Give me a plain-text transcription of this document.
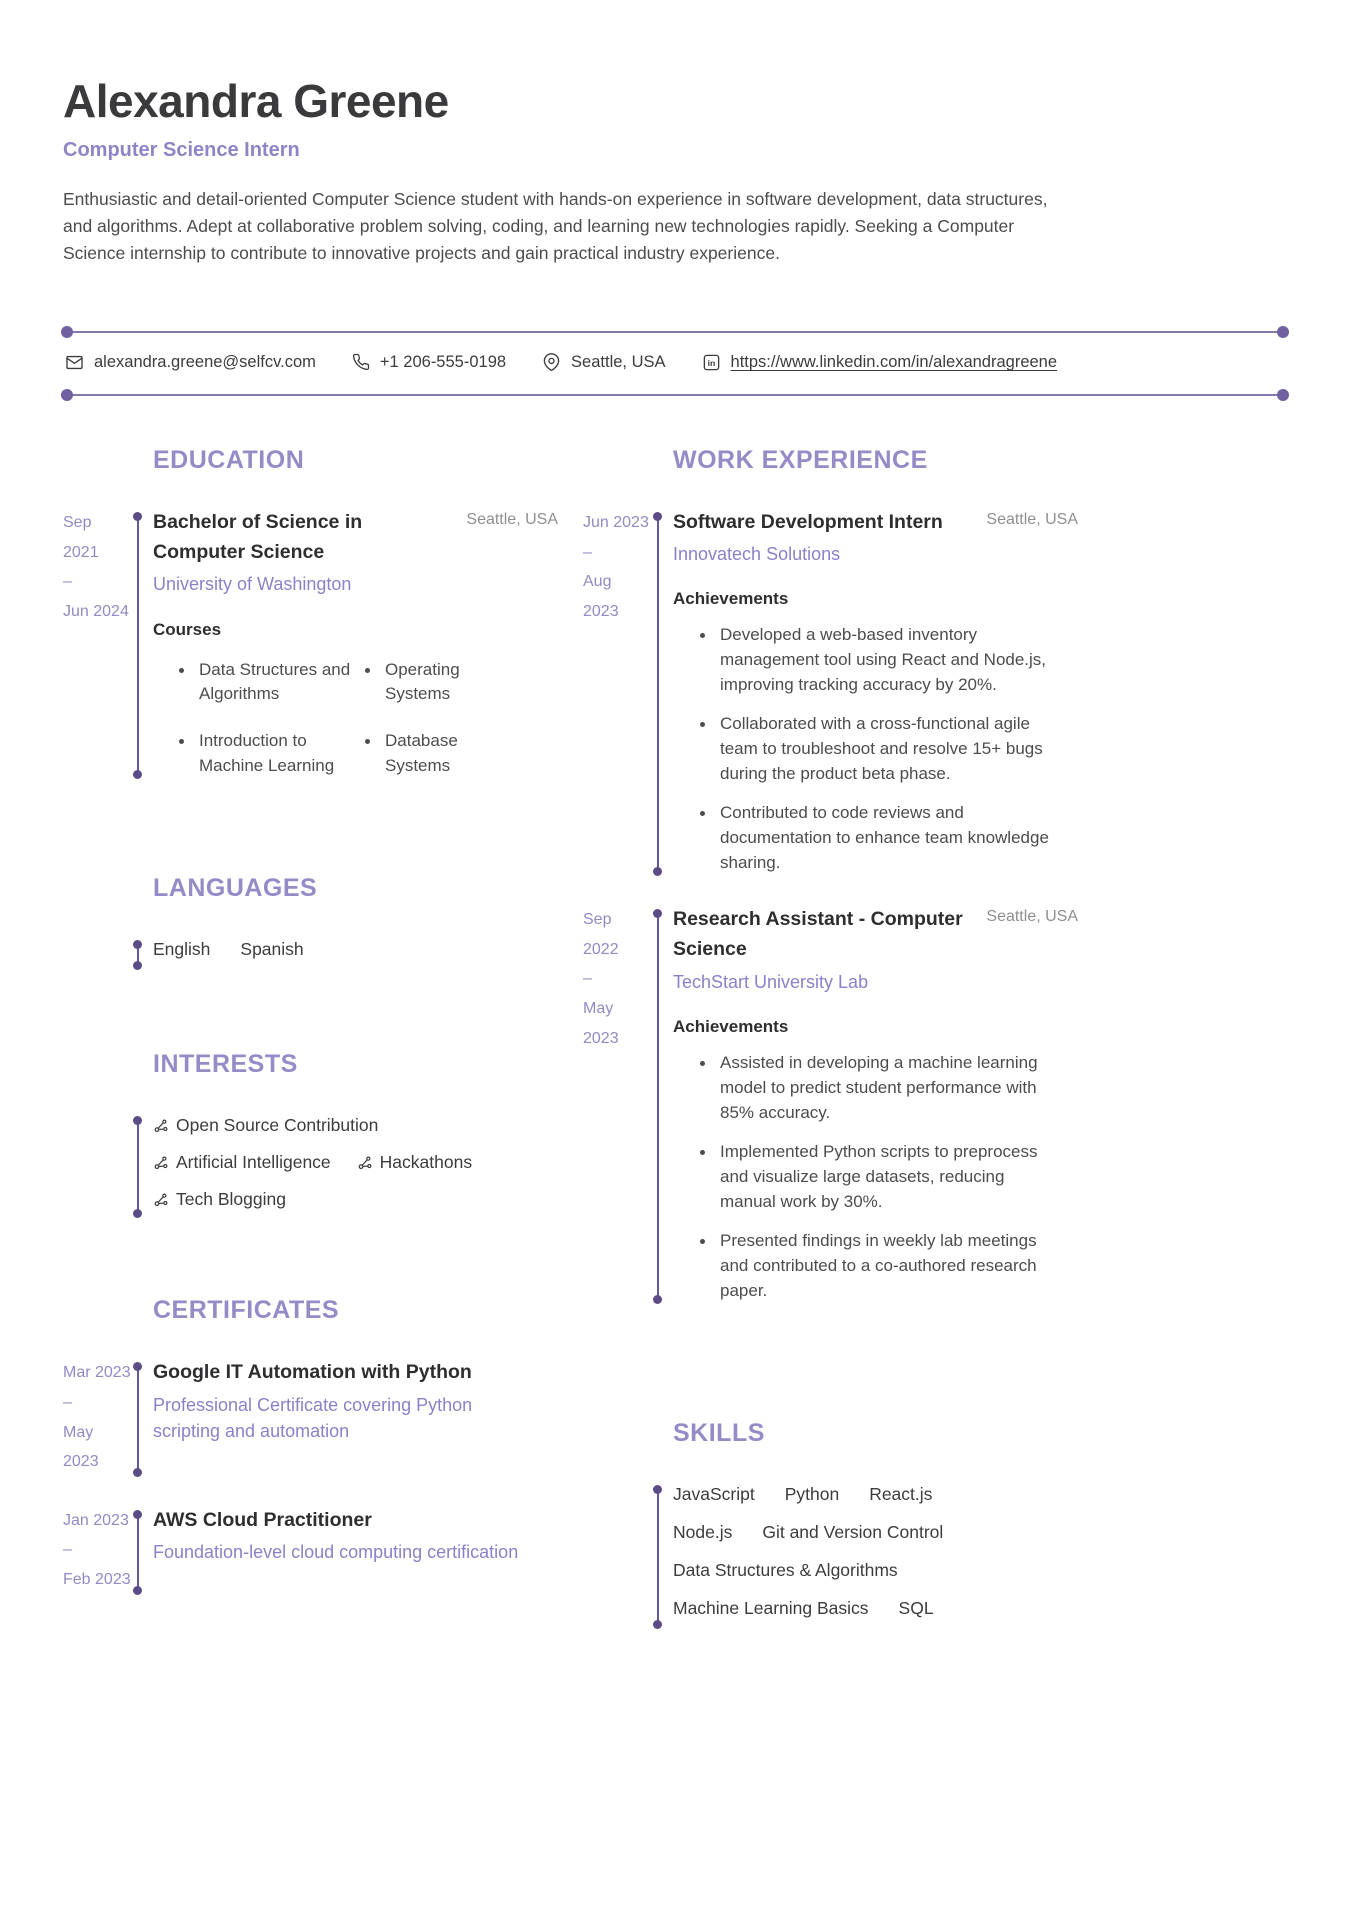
Alexandra Greene
Computer Science Intern

Enthusiastic and detail-oriented Computer Science student with hands-on experience in software development, data structures, and algorithms. Adept at collaborative problem solving, coding, and learning new technologies rapidly. Seeking a Computer Science internship to contribute to innovative projects and gain practical industry experience.

alexandra.greene@selfcv.com	+1 206-555-0198	Seattle, USA	in https://www.linkedin.com/in/alexandragreene
EDUCATION
Sep 2021
–
Jun 2024
Bachelor of Science in Computer Science
Seattle, USA
University of Washington
Courses
Data Structures and Algorithms
Operating Systems
Introduction to Machine Learning
Database Systems
LANGUAGES
English Spanish
INTERESTS
Open Source Contribution
Artificial Intelligence	Hackathons
Tech Blogging
CERTIFICATES
Mar 2023
–
May 2023
Google IT Automation with Python
Professional Certificate covering Python scripting and automation
Jan 2023
–
Feb 2023
AWS Cloud Practitioner
Foundation-level cloud computing certification
WORK EXPERIENCE
Jun 2023
–
Aug 2023
Software Development Intern	Seattle, USA
Innovatech Solutions
Achievements
Developed a web-based inventory management tool using React and Node.js, improving tracking accuracy by 20%.
Collaborated with a cross-functional agile team to troubleshoot and resolve 15+ bugs during the product beta phase.
Contributed to code reviews and documentation to enhance team knowledge sharing.
Sep 2022
–
May 2023
Research Assistant - Computer Science
Seattle, USA
TechStart University Lab
Achievements
Assisted in developing a machine learning model to predict student performance with 85% accuracy.
Implemented Python scripts to preprocess and visualize large datasets, reducing manual work by 30%.
Presented findings in weekly lab meetings and contributed to a co-authored research paper.
SKILLS
JavaScript Python React.js
Node.js Git and Version Control
Data Structures & Algorithms
Machine Learning Basics SQL
